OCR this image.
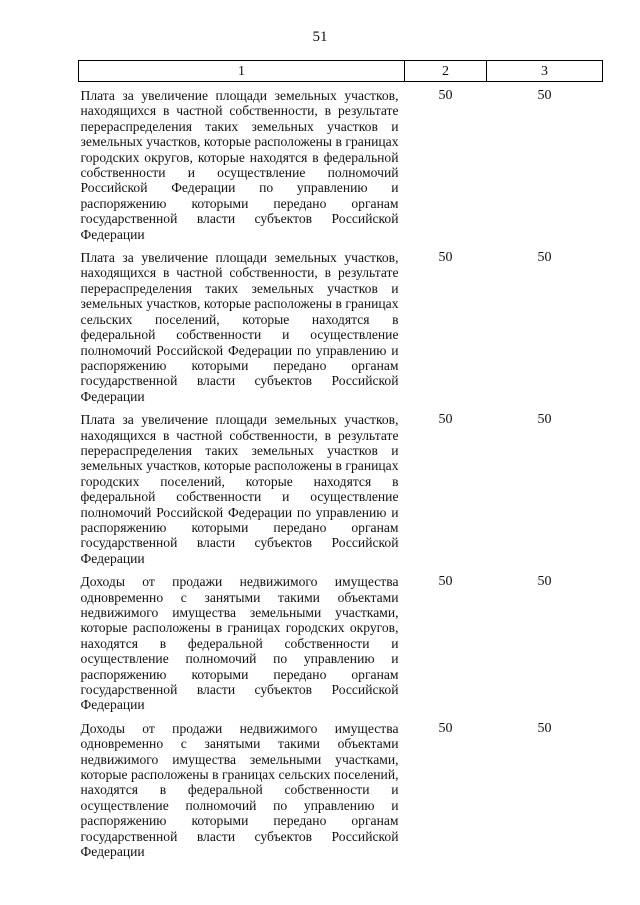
51
1	2	3
Плата за увеличение площади земельных участков, находящихся в частной собственности, в результате перераспределения таких земельных участков и земельных участков, которые расположены в границах городских округов, которые находятся в федеральной собственности и осуществление полномочий Российской Федерации по управлению и распоряжению которыми передано органам государственной власти субъектов Российской Федерации	50	50
Плата за увеличение площади земельных участков, находящихся в частной собственности, в результате перераспределения таких земельных участков и земельных участков, которые расположены в границах сельских поселений, которые находятся в федеральной собственности и осуществление полномочий Российской Федерации по управлению и распоряжению которыми передано органам государственной власти субъектов Российской Федерации	50	50
Плата за увеличение площади земельных участков, находящихся в частной собственности, в результате перераспределения таких земельных участков и земельных участков, которые расположены в границах городских поселений, которые находятся в федеральной собственности и осуществление полномочий Российской Федерации по управлению и распоряжению которыми передано органам государственной власти субъектов Российской Федерации	50	50
Доходы от продажи недвижимого имущества одновременно с занятыми такими объектами недвижимого имущества земельными участками, которые расположены в границах городских округов, находятся в федеральной собственности и осуществление полномочий по управлению и распоряжению которыми передано органам государственной власти субъектов Российской Федерации	50	50
Доходы от продажи недвижимого имущества одновременно с занятыми такими объектами недвижимого имущества земельными участками, которые расположены в границах сельских поселений, находятся в федеральной собственности и осуществление полномочий по управлению и распоряжению которыми передано органам государственной власти субъектов Российской Федерации	50	50
